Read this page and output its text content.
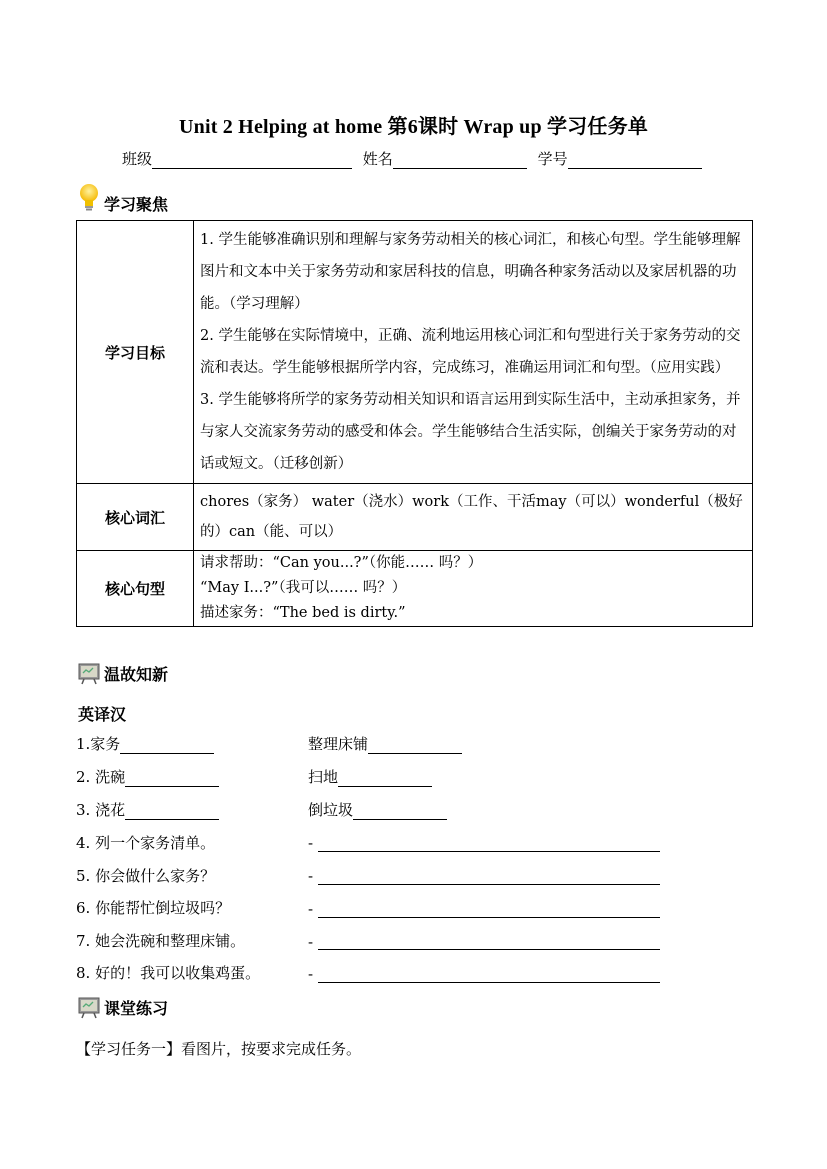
Unit 2 Helping at home 第6课时 Wrap up 学习任务单
班级	姓名	学号
学习聚焦
学习目标	1. 学生能够准确识别和理解与家务劳动相关的核心词汇，和核心句型。学生能够理解图片和文本中关于家务劳动和家居科技的信息，明确各种家务活动以及家居机器的功能。（学习理解）
2. 学生能够在实际情境中，正确、流利地运用核心词汇和句型进行关于家务劳动的交流和表达。学生能够根据所学内容，完成练习，准确运用词汇和句型。（应用实践）
3. 学生能够将所学的家务劳动相关知识和语言运用到实际生活中，主动承担家务，并与家人交流家务劳动的感受和体会。学生能够结合生活实际，创编关于家务劳动的对话或短文。（迁移创新）

核心词汇	chores（家务） water（浇水）work（工作、干活may（可以）wonderful（极好的）can（能、可以）
核心句型	请求帮助：“Can you...?”（你能…… 吗？）
“May I...?”（我可以…… 吗？）
描述家务：“The bed is dirty.”
温故知新
英译汉
1.家务	整理床铺
2. 洗碗	扫地
3. 浇花	倒垃圾
4. 列一个家务清单。	-
5. 你会做什么家务？	-
6. 你能帮忙倒垃圾吗？	-
7. 她会洗碗和整理床铺。	-
8. 好的！我可以收集鸡蛋。	-
课堂练习
【学习任务一】看图片，按要求完成任务。
